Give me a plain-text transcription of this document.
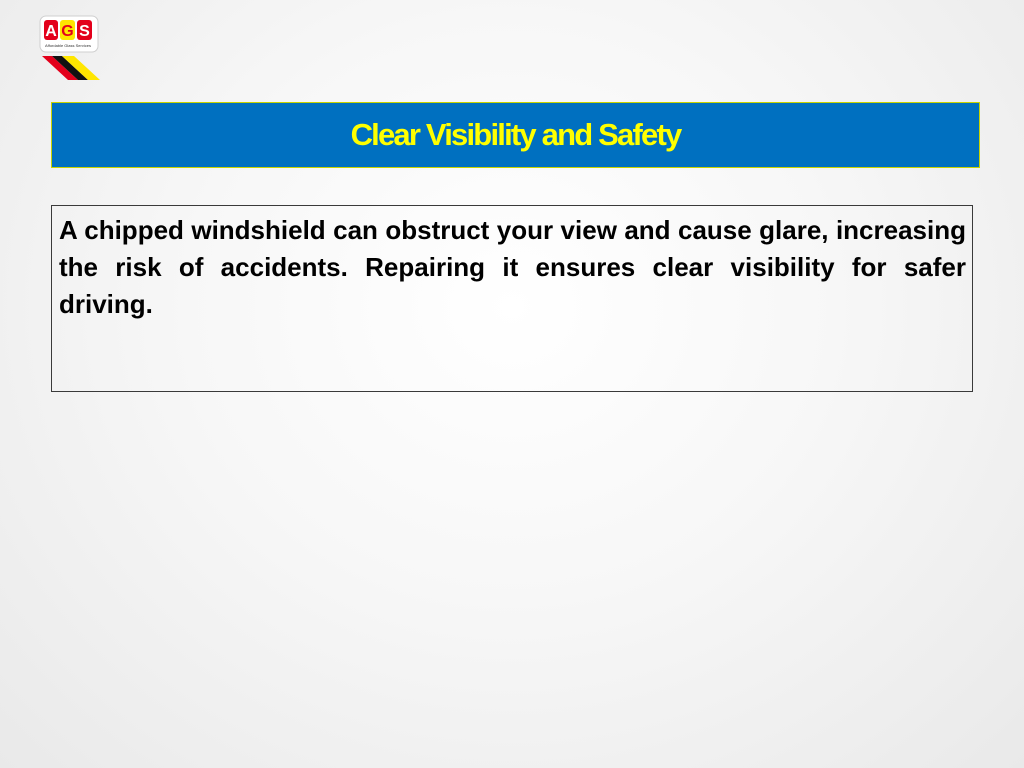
A G S
Affordable Glass Services
Clear Visibility and Safety

A chipped windshield can obstruct your view and cause glare, increasing the risk of accidents. Repairing it ensures clear visibility for safer driving.
